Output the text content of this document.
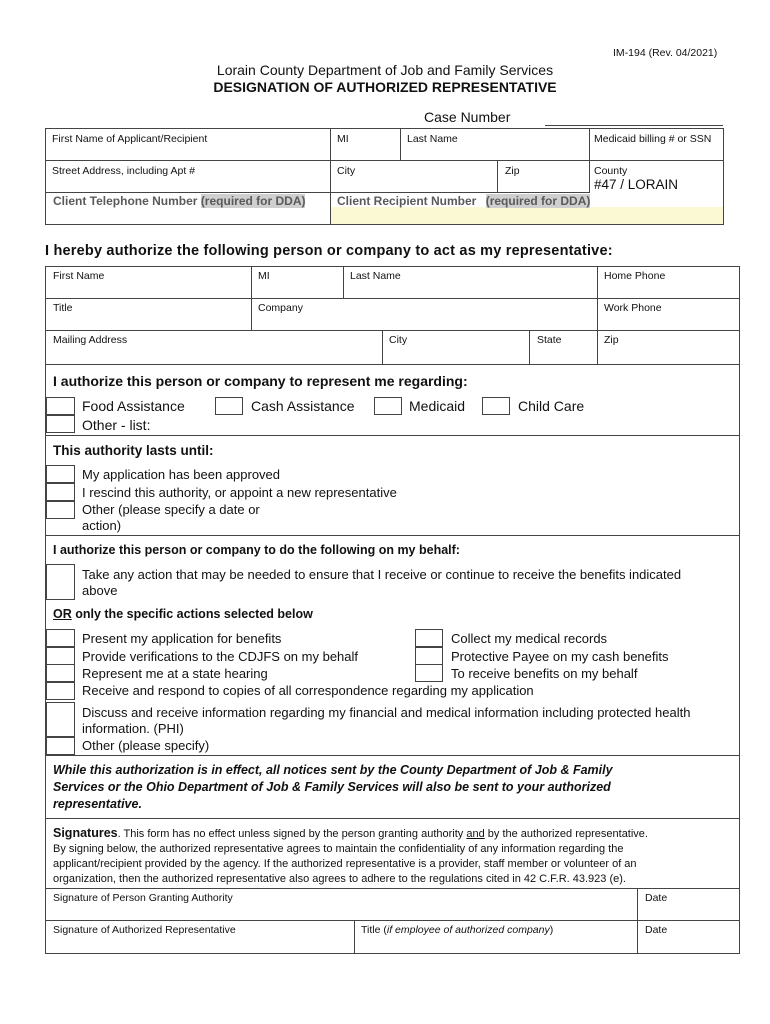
IM-194 (Rev. 04/2021)
Lorain County Department of Job and Family Services
DESIGNATION OF AUTHORIZED REPRESENTATIVE
Case Number
First Name of Applicant/Recipient	MI	Last Name	Medicaid billing # or SSN
Street Address, including Apt #	City	Zip	County
#47 / LORAIN
Client Telephone Number (required for DDA)	Client Recipient Number (required for DDA)
I hereby authorize the following person or company to act as my representative:
First Name	MI	Last Name	Home Phone
Title	Company	Work Phone
Mailing Address	City	State	Zip
I authorize this person or company to represent me regarding:
Food Assistance	Cash Assistance	Medicaid	Child Care
Other - list:
This authority lasts until:
My application has been approved
I rescind this authority, or appoint a new representative
Other (please specify a date or
action)
I authorize this person or company to do the following on my behalf:
Take any action that may be needed to ensure that I receive or continue to receive the benefits indicated
above
OR only the specific actions selected below
Present my application for benefits
Provide verifications to the CDJFS on my behalf
Represent me at a state hearing
Receive and respond to copies of all correspondence regarding my application
Collect my medical records
Protective Payee on my cash benefits
To receive benefits on my behalf
Discuss and receive information regarding my financial and medical information including protected health
information. (PHI)
Other (please specify)
While this authorization is in effect, all notices sent by the County Department of Job & Family
Services or the Ohio Department of Job & Family Services will also be sent to your authorized
representative.
Signatures. This form has no effect unless signed by the person granting authority and by the authorized representative.
By signing below, the authorized representative agrees to maintain the confidentiality of any information regarding the
applicant/recipient provided by the agency. If the authorized representative is a provider, staff member or volunteer of an
organization, then the authorized representative also agrees to adhere to the regulations cited in 42 C.F.R. 43.923 (e).
Signature of Person Granting Authority	Date
Signature of Authorized Representative	Title (if employee of authorized company)	Date
